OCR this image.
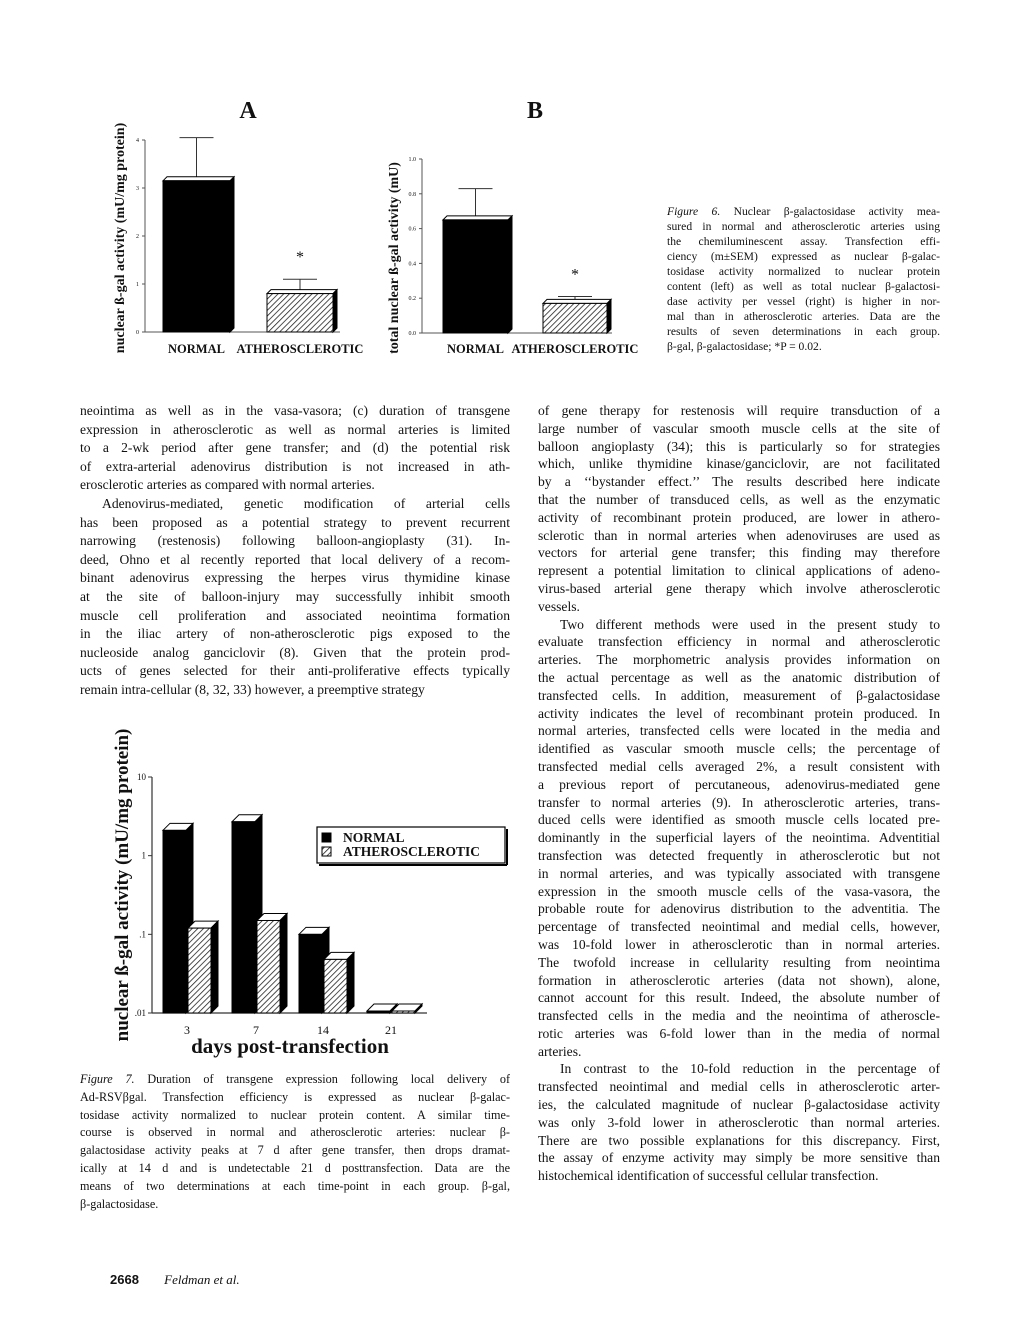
A
0
1
2
3
4
nuclear ß-gal activity (mU/mg protein)	NORMAL ATHEROSCLEROTIC
*
B
0.0
0.2
0.4
0.6
0.8
1.0
total nuclear ß-gal activity (mU)	NORMAL ATHEROSCLEROTIC
*
.01
.1
1
10
nuclear ß-gal activity (mU/mg protein)	3	7	14	21
days post-transfection
NORMAL
ATHEROSCLEROTIC
Figure 6. Nuclear β-galactosidase activity mea-
sured in normal and atherosclerotic arteries using
the chemiluminescent assay. Transfection effi-
ciency (m±SEM) expressed as nuclear β-galac-
tosidase activity normalized to nuclear protein
content (left) as well as total nuclear β-galactosi-
dase activity per vessel (right) is higher in nor-
mal than in atherosclerotic arteries. Data are the
results of seven determinations in each group.
β-gal, β-galactosidase; *P = 0.02.
Figure 7. Duration of transgene expression following local delivery of
Ad-RSVβgal. Transfection efficiency is expressed as nuclear β-galac-
tosidase activity normalized to nuclear protein content. A similar time-
course is observed in normal and atherosclerotic arteries: nuclear β-
galactosidase activity peaks at 7 d after gene transfer, then drops dramat-
ically at 14 d and is undetectable 21 d posttransfection. Data are the
means of two determinations at each time-point in each group. β-gal,
β-galactosidase.
neointima as well as in the vasa-vasora; (c) duration of transgene
expression in atherosclerotic as well as normal arteries is limited
to a 2-wk period after gene transfer; and (d) the potential risk
of extra-arterial adenovirus distribution is not increased in ath-
erosclerotic arteries as compared with normal arteries.
Adenovirus-mediated, genetic modification of arterial cells
has been proposed as a potential strategy to prevent recurrent
narrowing (restenosis) following balloon-angioplasty (31). In-
deed, Ohno et al recently reported that local delivery of a recom-
binant adenovirus expressing the herpes virus thymidine kinase
at the site of balloon-injury may successfully inhibit smooth
muscle cell proliferation and associated neointima formation
in the iliac artery of non-atherosclerotic pigs exposed to the
nucleoside analog ganciclovir (8). Given that the protein prod-
ucts of genes selected for their anti-proliferative effects typically
remain intra-cellular (8, 32, 33) however, a preemptive strategy
of gene therapy for restenosis will require transduction of a
large number of vascular smooth muscle cells at the site of
balloon angioplasty (34); this is particularly so for strategies
which, unlike thymidine kinase/ganciclovir, are not facilitated
by a ‘‘bystander effect.’’ The results described here indicate
that the number of transduced cells, as well as the enzymatic
activity of recombinant protein produced, are lower in athero-
sclerotic than in normal arteries when adenoviruses are used as
vectors for arterial gene transfer; this finding may therefore
represent a potential limitation to clinical applications of adeno-
virus-based arterial gene therapy which involve atherosclerotic
vessels.
Two different methods were used in the present study to
evaluate transfection efficiency in normal and atherosclerotic
arteries. The morphometric analysis provides information on
the actual percentage as well as the anatomic distribution of
transfected cells. In addition, measurement of β-galactosidase
activity indicates the level of recombinant protein produced. In
normal arteries, transfected cells were located in the media and
identified as vascular smooth muscle cells; the percentage of
transfected medial cells averaged 2%, a result consistent with
a previous report of percutaneous, adenovirus-mediated gene
transfer to normal arteries (9). In atherosclerotic arteries, trans-
duced cells were identified as smooth muscle cells located pre-
dominantly in the superficial layers of the neointima. Adventitial
transfection was detected frequently in atherosclerotic but not
in normal arteries, and was typically associated with transgene
expression in the smooth muscle cells of the vasa-vasora, the
probable route for adenovirus distribution to the adventitia. The
percentage of transfected neointimal and medial cells, however,
was 10-fold lower in atherosclerotic than in normal arteries.
The twofold increase in cellularity resulting from neointima
formation in atherosclerotic arteries (data not shown), alone,
cannot account for this result. Indeed, the absolute number of
transfected cells in the media and the neointima of atheroscle-
rotic arteries was 6-fold lower than in the media of normal
arteries.
In contrast to the 10-fold reduction in the percentage of
transfected neointimal and medial cells in atherosclerotic arter-
ies, the calculated magnitude of nuclear β-galactosidase activity
was only 3-fold lower in atherosclerotic than normal arteries.
There are two possible explanations for this discrepancy. First,
the assay of enzyme activity may simply be more sensitive than
histochemical identification of successful cellular transfection.
2668 Feldman et al.
